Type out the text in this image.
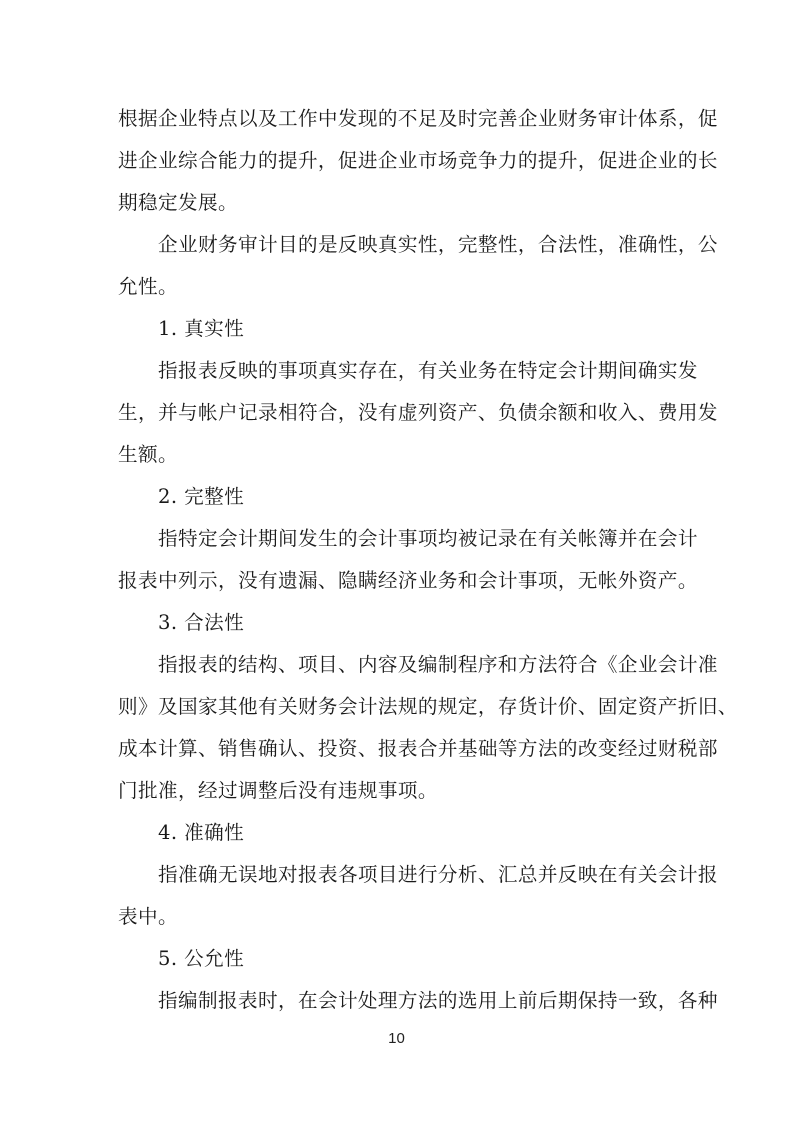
根据企业特点以及工作中发现的不足及时完善企业财务审计体系，促
进企业综合能力的提升，促进企业市场竞争力的提升，促进企业的长
期稳定发展。
企业财务审计目的是反映真实性，完整性，合法性，准确性，公
允性。
1. 真实性
指报表反映的事项真实存在，有关业务在特定会计期间确实发
生，并与帐户记录相符合，没有虚列资产、负债余额和收入、费用发
生额。
2. 完整性
指特定会计期间发生的会计事项均被记录在有关帐簿并在会计
报表中列示，没有遗漏、隐瞒经济业务和会计事项，无帐外资产。
3. 合法性
指报表的结构、项目、内容及编制程序和方法符合《企业会计准
则》及国家其他有关财务会计法规的规定，存货计价、固定资产折旧、
成本计算、销售确认、投资、报表合并基础等方法的改变经过财税部
门批准，经过调整后没有违规事项。
4. 准确性
指准确无误地对报表各项目进行分析、汇总并反映在有关会计报
表中。
5. 公允性
指编制报表时，在会计处理方法的选用上前后期保持一致，各种
10
